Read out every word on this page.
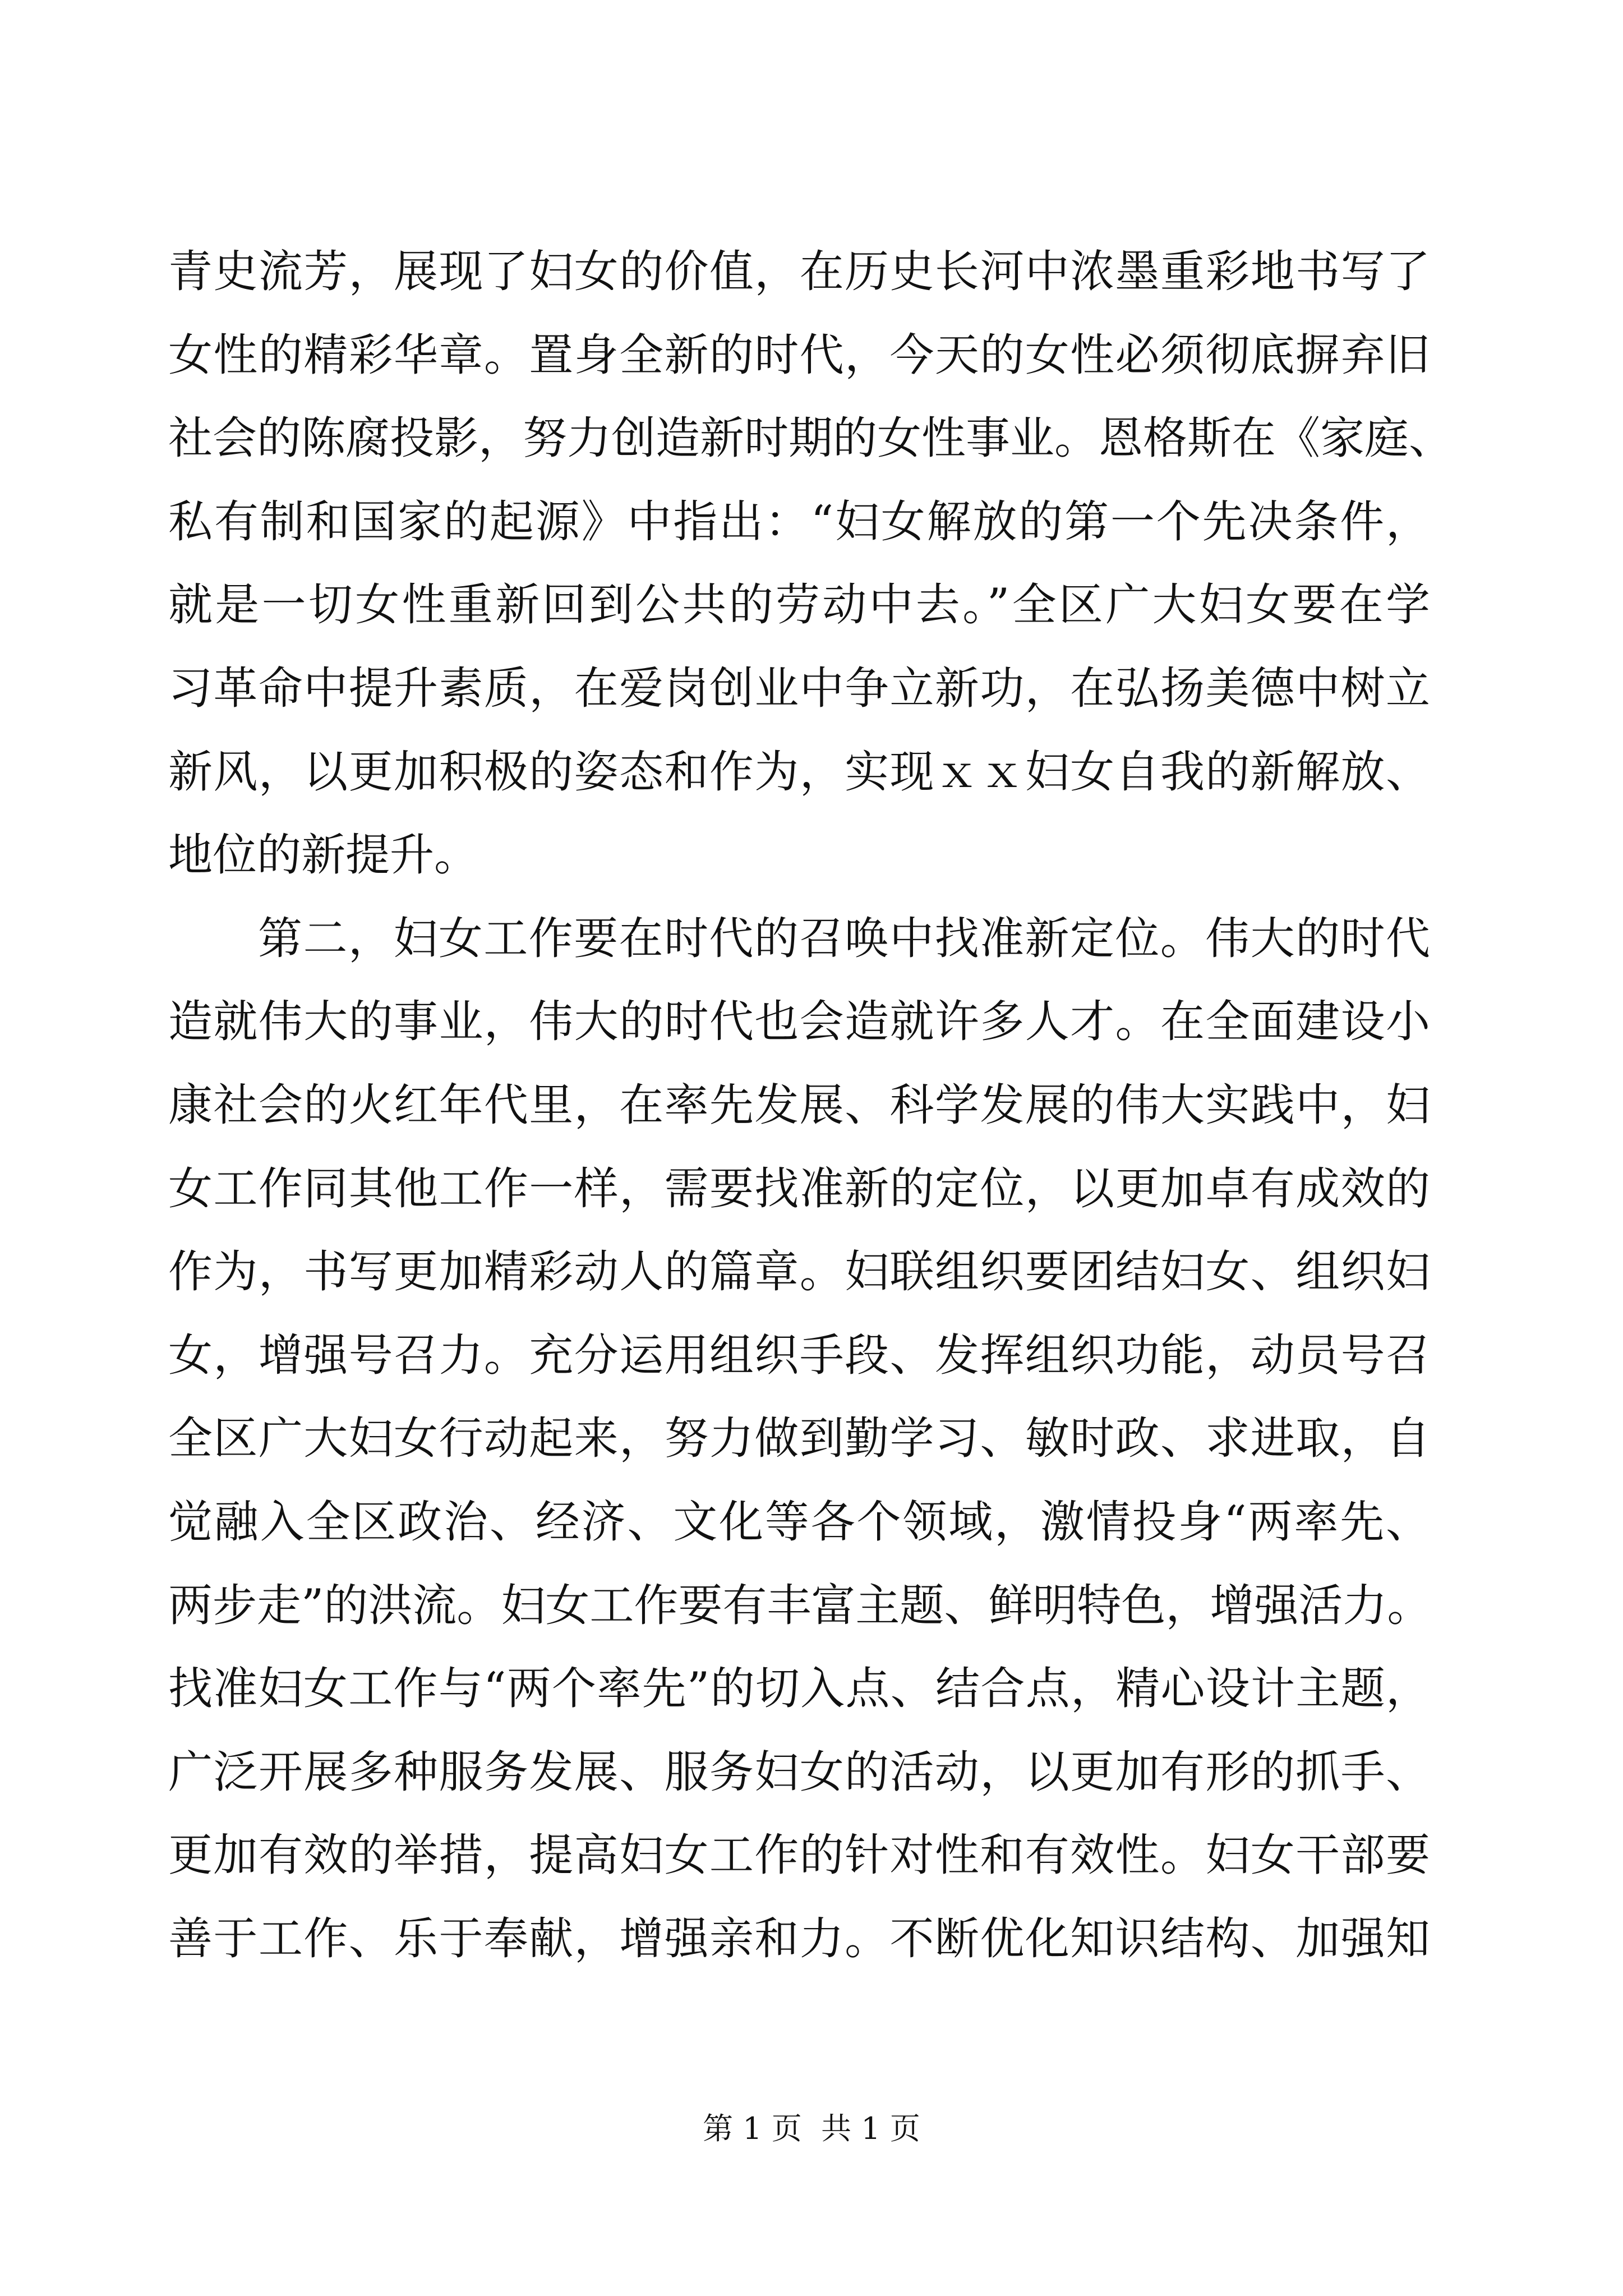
青史流芳，展现了妇女的价值，在历史长河中浓墨重彩地书写了
女性的精彩华章。置身全新的时代，今天的女性必须彻底摒弃旧
社会的陈腐投影，努力创造新时期的女性事业。恩格斯在《家庭、
私有制和国家的起源》中指出：“妇女解放的第一个先决条件，
就是一切女性重新回到公共的劳动中去。”全区广大妇女要在学
习革命中提升素质，在爱岗创业中争立新功，在弘扬美德中树立
新风，以更加积极的姿态和作为，实现ｘｘ妇女自我的新解放、
地位的新提升。
第二，妇女工作要在时代的召唤中找准新定位。伟大的时代
造就伟大的事业，伟大的时代也会造就许多人才。在全面建设小
康社会的火红年代里，在率先发展、科学发展的伟大实践中，妇
女工作同其他工作一样，需要找准新的定位，以更加卓有成效的
作为，书写更加精彩动人的篇章。妇联组织要团结妇女、组织妇
女，增强号召力。充分运用组织手段、发挥组织功能，动员号召
全区广大妇女行动起来，努力做到勤学习、敏时政、求进取，自
觉融入全区政治、经济、文化等各个领域，激情投身“两率先、
两步走”的洪流。妇女工作要有丰富主题、鲜明特色，增强活力。
找准妇女工作与“两个率先”的切入点、结合点，精心设计主题，
广泛开展多种服务发展、服务妇女的活动，以更加有形的抓手、
更加有效的举措，提高妇女工作的针对性和有效性。妇女干部要
善于工作、乐于奉献，增强亲和力。不断优化知识结构、加强知
第 1 页  共 1 页
